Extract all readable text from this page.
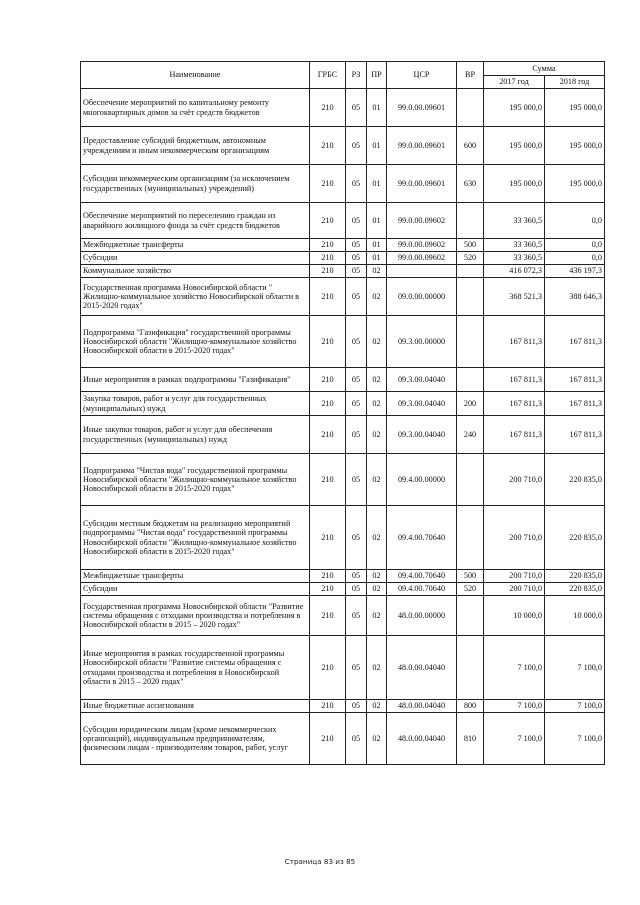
Наименование	ГРБС	РЗ	ПР	ЦСР	ВР	Сумма	
						2017 год	2018 год
Обеспечение мероприятий по капитальному ремонту многоквартирных домов за счёт средств бюджетов	210	05	01	99.0.00.09601		195 000,0	195 000,0
Предоставление субсидий бюджетным, автономным учреждениям и иным некоммерческим организациям	210	05	01	99.0.00.09601	600	195 000,0	195 000,0
Субсидии некоммерческим организациям (за исключением государственных (муниципальных) учреждений)	210	05	01	99.0.00.09601	630	195 000,0	195 000,0
Обеспечение мероприятий по переселению граждан из аварийного жилищного фонда за счёт средств бюджетов	210	05	01	99.0.00.09602		33 360,5	0,0
Межбюджетные трансферты	210	05	01	99.0.00.09602	500	33 360,5	0,0
Субсидии	210	05	01	99.0.00.09602	520	33 360,5	0,0
Коммунальное хозяйство	210	05	02			416 072,3	436 197,3
Государственная программа Новосибирской области " Жилищно-коммунальное хозяйство Новосибирской области в 2015-2020 годах"	210	05	02	09.0.00.00000		368 521,3	388 646,3
Подпрограмма "Газификация" государственной программы Новосибирской области "Жилищно-коммунальное хозяйство Новосибирской области в 2015-2020 годах"	210	05	02	09.3.00.00000		167 811,3	167 811,3
Иные мероприятия в рамках подпрограммы "Газификация"	210	05	02	09.3.00.04040		167 811,3	167 811,3
Закупка товаров, работ и услуг для государственных (муниципальных) нужд	210	05	02	09.3.00.04040	200	167 811,3	167 811,3
Иные закупки товаров, работ и услуг для обеспечения государственных (муниципальных) нужд	210	05	02	09.3.00.04040	240	167 811,3	167 811,3
Подпрограмма "Чистая вода" государственной программы Новосибирской области "Жилищно-коммунальное хозяйство Новосибирской области в 2015-2020 годах"	210	05	02	09.4.00.00000		200 710,0	220 835,0
Субсидии местным бюджетам на реализацию мероприятий подпрограммы "Чистая вода" государственной программы Новосибирской области "Жилищно-коммунальное хозяйство Новосибирской области в 2015-2020 годах"	210	05	02	09.4.00.70640		200 710,0	220 835,0
Межбюджетные трансферты	210	05	02	09.4.00.70640	500	200 710,0	220 835,0
Субсидии	210	05	02	09.4.00.70640	520	200 710,0	220 835,0
Государственная программа Новосибирской области "Развитие системы обращения с отходами производства и потребления в Новосибирской области в 2015 – 2020 годах"	210	05	02	48.0.00.00000		10 000,0	10 000,0
Иные мероприятия в рамках государственной программы Новосибирской области "Развитие системы обращения с отходами производства и потребления в Новосибирской области в 2015 – 2020 годах"	210	05	02	48.0.00.04040		7 100,0	7 100,0
Иные бюджетные ассигнования	210	05	02	48.0.00.04040	800	7 100,0	7 100,0
Субсидии юридическим лицам (кроме некоммерческих организаций), индивидуальным предпринимателям, физическим лицам - производителям товаров, работ, услуг	210	05	02	48.0.00.04040	810	7 100,0	7 100,0
Страница 83 из 85
